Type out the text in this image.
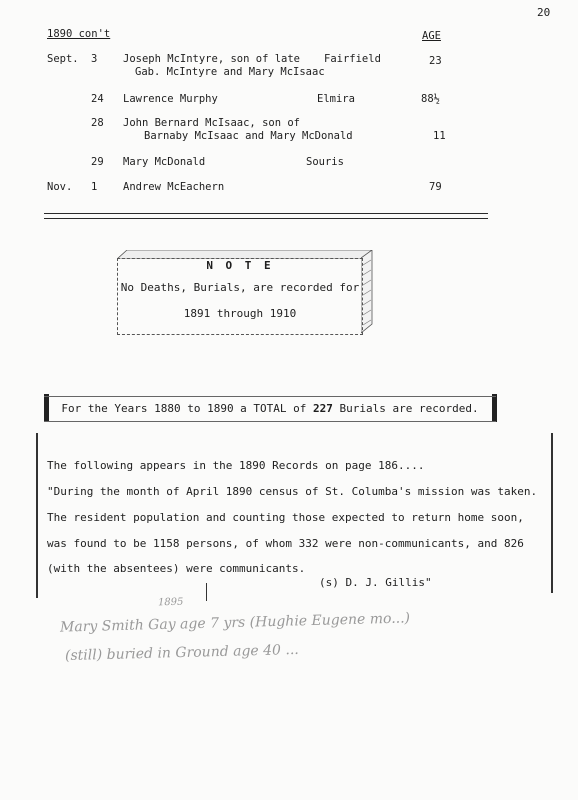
20
1890 con't	AGE
Sept. 3 Joseph McIntyre, son of late
Gab. McIntyre and Mary McIsaac
Fairfield	23
24 Lawrence Murphy	Elmira	88½
28 John Bernard McIsaac, son of
Barnaby McIsaac and Mary McDonald	11
29 Mary McDonald	Souris
Nov. 1 Andrew McEachern	79
N O T E
No Deaths, Burials, are recorded for
1891 through 1910
For the Years 1880 to 1890 a TOTAL of 227 Burials are recorded.
The following appears in the 1890 Records on page 186....
"During the month of April 1890 census of St. Columba's mission was taken.
The resident population and counting those expected to return home soon,
was found to be 1158 persons, of whom 332 were non-communicants, and 826
(with the absentees) were communicants.
(s) D. J. Gillis"
1895
Mary Smith Gay age 7 yrs (Hughie Eugene mo...)
(still) buried in Ground age 40 ...
